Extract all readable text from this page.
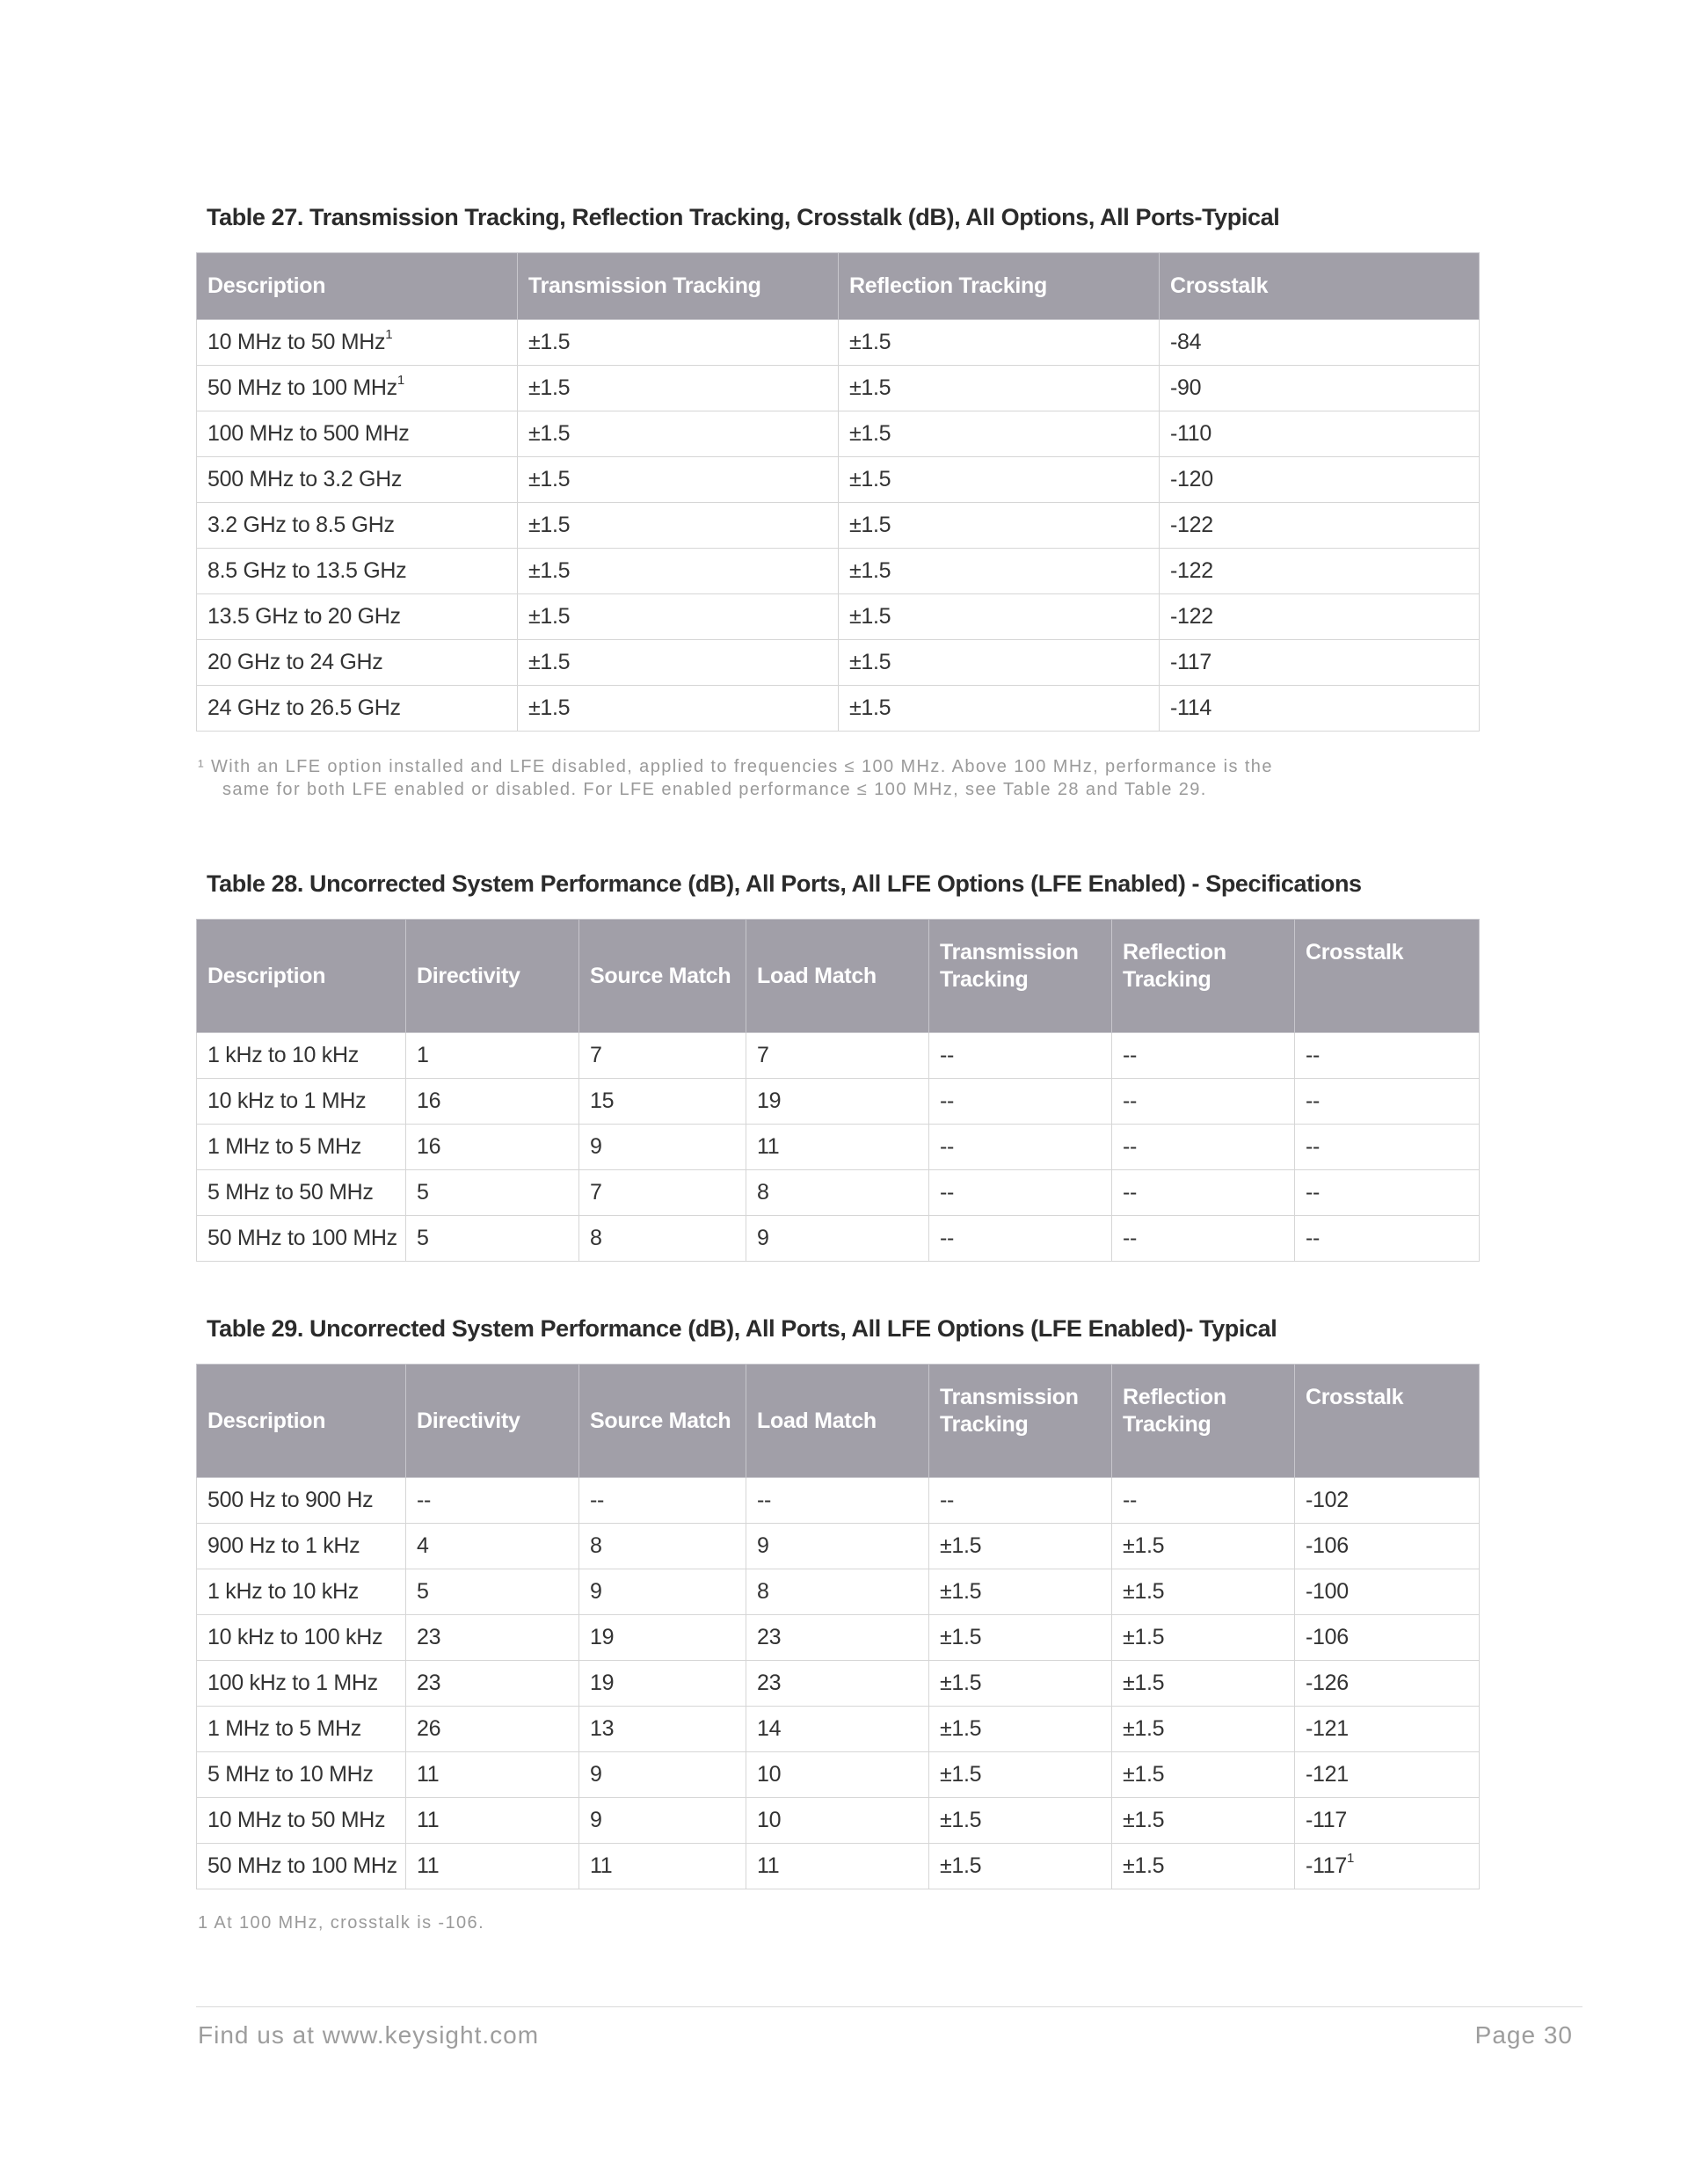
Table 27. Transmission Tracking, Reflection Tracking, Crosstalk (dB), All Options, All Ports-Typical

Description	Transmission Tracking	Reflection Tracking	Crosstalk
10 MHz to 50 MHz$^1$	±1.5	±1.5	-84
50 MHz to 100 MHz$^1$	±1.5	±1.5	-90
100 MHz to 500 MHz	±1.5	±1.5	-110
500 MHz to 3.2 GHz	±1.5	±1.5	-120
3.2 GHz to 8.5 GHz	±1.5	±1.5	-122
8.5 GHz to 13.5 GHz	±1.5	±1.5	-122
13.5 GHz to 20 GHz	±1.5	±1.5	-122
20 GHz to 24 GHz	±1.5	±1.5	-117
24 GHz to 26.5 GHz	±1.5	±1.5	-114

¹ With an LFE option installed and LFE disabled, applied to frequencies ≤ 100 MHz. Above 100 MHz, performance is the

same for both LFE enabled or disabled. For LFE enabled performance ≤ 100 MHz, see Table 28 and Table 29.

Table 28. Uncorrected System Performance (dB), All Ports, All LFE Options (LFE Enabled) - Specifications

Description	Directivity	Source Match	Load Match	Transmission Tracking	Reflection Tracking	Crosstalk
1 kHz to 10 kHz	1	7	7	--	--	--
10 kHz to 1 MHz	16	15	19	--	--	--
1 MHz to 5 MHz	16	9	11	--	--	--
5 MHz to 50 MHz	5	7	8	--	--	--
50 MHz to 100 MHz	5	8	9	--	--	--

Table 29. Uncorrected System Performance (dB), All Ports, All LFE Options (LFE Enabled)- Typical

Description	Directivity	Source Match	Load Match	Transmission Tracking	Reflection Tracking	Crosstalk
500 Hz to 900 Hz	--	--	--	--	--	-102
900 Hz to 1 kHz	4	8	9	±1.5	±1.5	-106
1 kHz to 10 kHz	5	9	8	±1.5	±1.5	-100
10 kHz to 100 kHz	23	19	23	±1.5	±1.5	-106
100 kHz to 1 MHz	23	19	23	±1.5	±1.5	-126
1 MHz to 5 MHz	26	13	14	±1.5	±1.5	-121
5 MHz to 10 MHz	11	9	10	±1.5	±1.5	-121
10 MHz to 50 MHz	11	9	10	±1.5	±1.5	-117
50 MHz to 100 MHz	11	11	11	±1.5	±1.5	$-117^1$

1 At 100 MHz, crosstalk is -106.

Find us at www.keysight.com	Page 30
